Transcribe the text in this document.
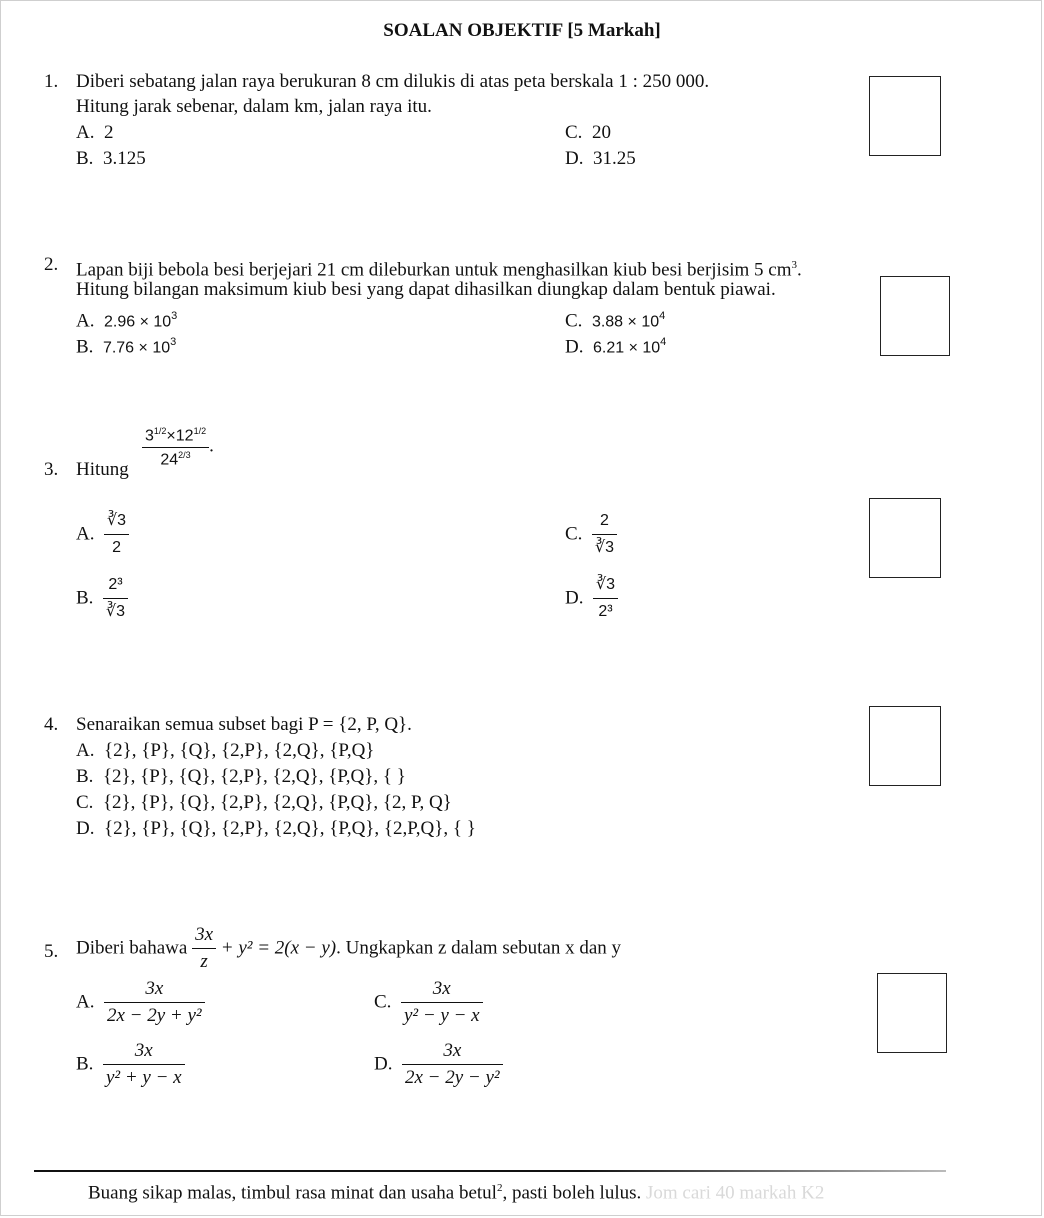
SOALAN OBJEKTIF [5 Markah]
1. Diberi sebatang jalan raya berukuran 8 cm dilukis di atas peta berskala 1 : 250 000.
Hitung jarak sebenar, dalam km, jalan raya itu.
A. 2
B. 3.125
C. 20
D. 31.25
2. Lapan biji bebola besi berjejari 21 cm dileburkan untuk menghasilkan kiub besi berjisim 5 $cm^3$.
Hitung bilangan maksimum kiub besi yang dapat dihasilkan diungkap dalam bentuk piawai.
A. $2.96 \times 10^3$
B. $7.76 \times 10^3$
C. $3.88 \times 10^4$
D. $6.21 \times 10^4$
3. Hitung $\frac{3^{1/2}\times 12^{1/2}}{24^{2/3}}$ .
A. $\frac{∛3}{2}$
B. $\frac{\text{2³}}{∛3}$
C. $\frac{2}{∛3}$
D. $\frac{∛3}{\text{2³}}$
4. Senaraikan semua subset bagi P = {2, P, Q}.
A. {2}, {P}, {Q}, {2,P}, {2,Q}, {P,Q}
B. {2}, {P}, {Q}, {2,P}, {2,Q}, {P,Q}, { }
C. {2}, {P}, {Q}, {2,P}, {2,Q}, {P,Q}, {2, P, Q}
D. {2}, {P}, {Q}, {2,P}, {2,Q}, {P,Q}, {2,P,Q}, { }
5. Diberi bahawa $\frac{3x}{z} + y^2 = 2(x - y)$. Ungkapkan z dalam sebutan x dan y
A. $\frac{3x}{\text{2x − 2y + y²}}$
B. $\frac{3x}{\text{y² + y − x}}$
C. $\frac{3x}{\text{y² − y − x}}$
D. $\frac{3x}{\text{2x − 2y − y²}}$
Buang sikap malas, timbul rasa minat dan usaha betul$^2$, pasti boleh lulus. Jom cari 40 markah K2
